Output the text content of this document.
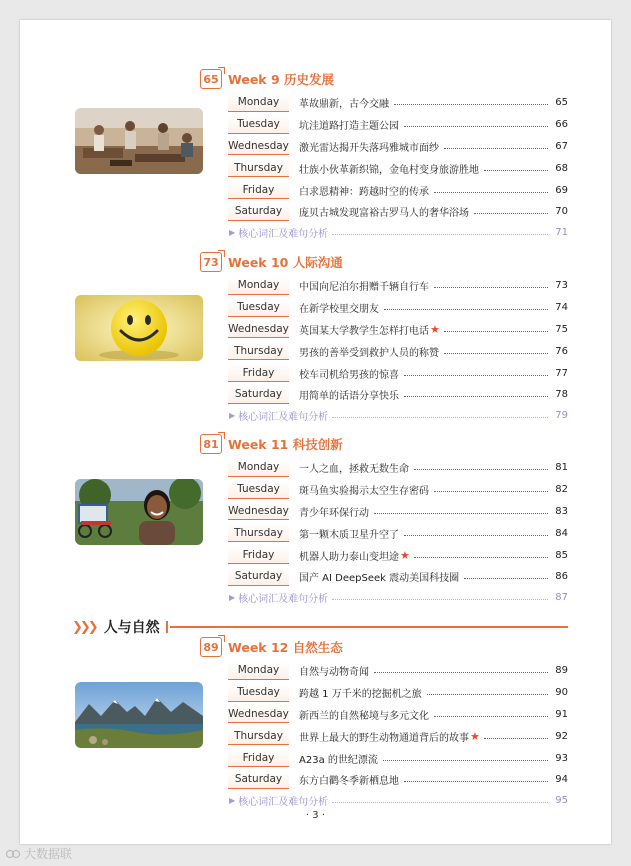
65 Week 9 历史发展
Monday	革故鼎新，古今交融	65
Tuesday	坑洼道路打造主题公园	66
Wednesday 激光雷达揭开失落玛雅城市面纱	67
Thursday	壮族小伙革新织锦，金龟村变身旅游胜地	68
Friday	白求恩精神：跨越时空的传承	69
Saturday	庞贝古城发现富裕古罗马人的奢华浴场	70
▶ 核心词汇及难句分析	71
73 Week 10 人际沟通
Monday	中国向尼泊尔捐赠千辆自行车	73
Tuesday	在新学校里交朋友	74
Wednesday 英国某大学教学生怎样打电话 ★	75
Thursday	男孩的善举受到救护人员的称赞	76
Friday	校车司机给男孩的惊喜	77
Saturday	用简单的话语分享快乐	78
▶ 核心词汇及难句分析	79
81 Week 11 科技创新
Monday	一人之血，拯救无数生命	81
Tuesday	斑马鱼实验揭示太空生存密码	82
Wednesday 青少年环保行动	83
Thursday	第一颗木质卫星升空了	84
Friday	机器人助力泰山变坦途 ★	85
Saturday	国产 AI DeepSeek 震动美国科技圈	86
▶ 核心词汇及难句分析	87
❯❯❯ 人与自然
89 Week 12 自然生态
Monday	自然与动物奇闻	89
Tuesday	跨越 1 万千米的挖掘机之旅	90
Wednesday 新西兰的自然秘境与多元文化	91
Thursday	世界上最大的野生动物通道背后的故事 ★	92
Friday	A23a 的世纪漂流	93
Saturday	东方白鹳冬季新栖息地	94
▶ 核心词汇及难句分析	95
· 3 ·
大数据联
